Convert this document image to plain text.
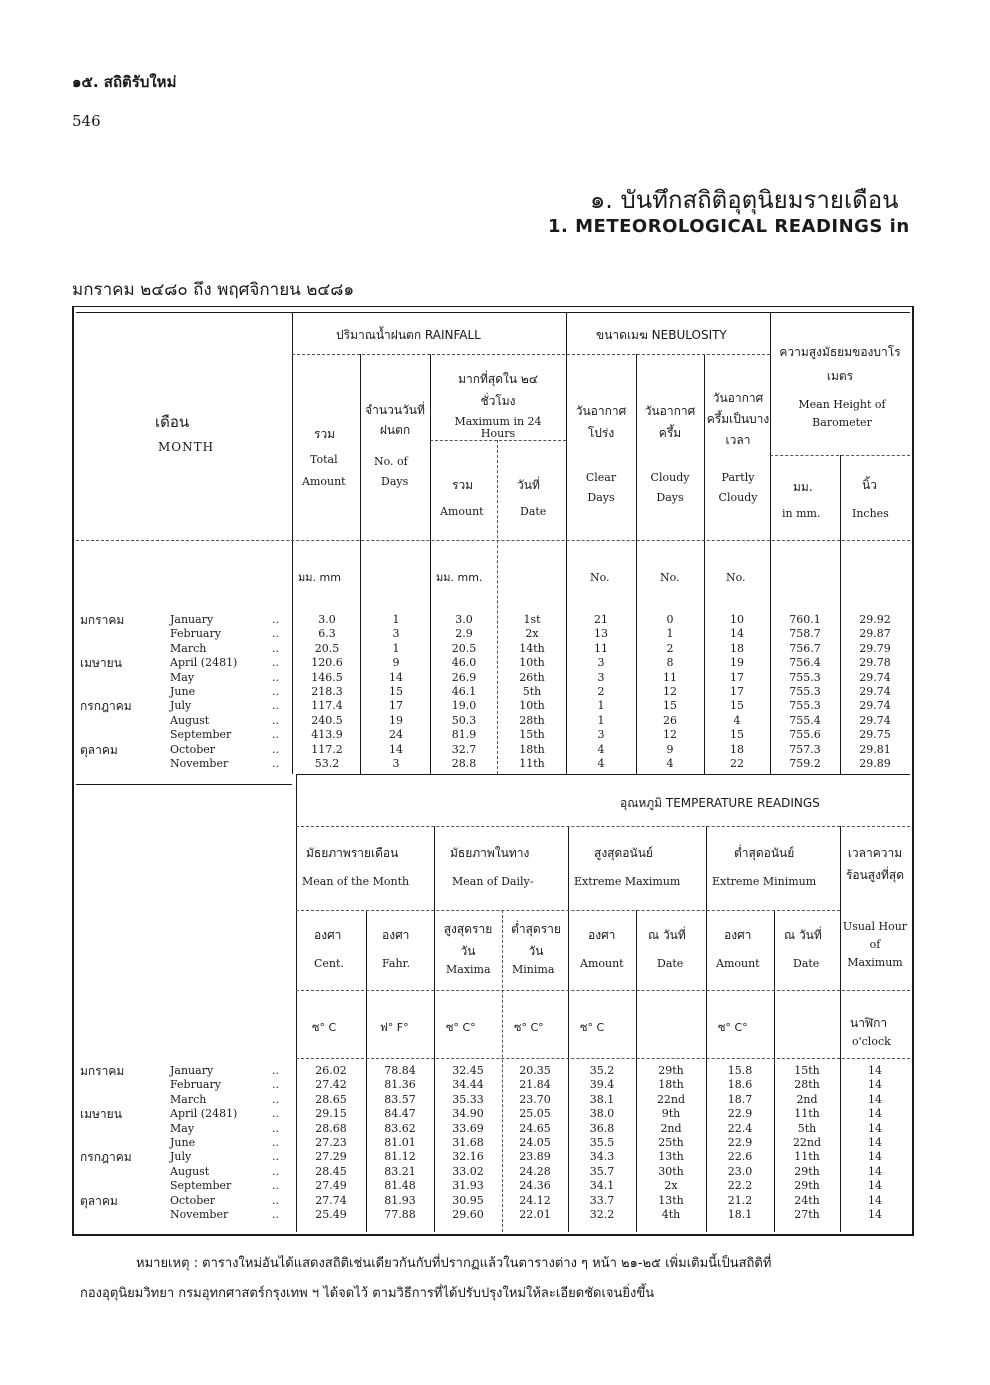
๑๕. สถิติรับใหม่
546
๑. บันทึกสถิติอุตุนิยมรายเดือน
1. METEOROLOGICAL READINGS in
มกราคม ๒๔๘๐ ถึง พฤศจิกายน ๒๔๘๑
เดือน
MONTH
ปริมาณน้ำฝนตก RAINFALL
รวม
Total
Amount
จำนวนวันที่ฝนตก
No. of
Days
มากที่สุดใน ๒๔ ชั่วโมง
Maximum in 24 Hours
รวม
Amount
วันที่
Date
มม. mm	มม. mm.
ขนาดเมฆ NEBULOSITY
วันอากาศโปร่ง
Clear Days
วันอากาศครึ้ม
Cloudy Days
วันอากาศครึ้มเป็นบางเวลา
Partly Cloudy
No.	No.	No.
ความสูงมัธยมของบาโรเมตร
Mean Height of Barometer
มม.
in mm.
นิ้ว
Inches
มกราคม	January	..	3.0	1	3.0	1st	21	0	10	760.1	29.92
February	..	6.3	3	2.9	2x	13	1	14	758.7	29.87
March	..	20.5	1	20.5	14th	11	2	18	756.7	29.79
เมษายน	April (2481)	..	120.6	9	46.0	10th	3	8	19	756.4	29.78
May	..	146.5	14	26.9	26th	3	11	17	755.3	29.74
June	..	218.3	15	46.1	5th	2	12	17	755.3	29.74
กรกฎาคม	July	..	117.4	17	19.0	10th	1	15	15	755.3	29.74
August	..	240.5	19	50.3	28th	1	26	4	755.4	29.74
September	..	413.9	24	81.9	15th	3	12	15	755.6	29.75
ตุลาคม	October	..	117.2	14	32.7	18th	4	9	18	757.3	29.81
November	..	53.2	3	28.8	11th	4	4	22	759.2	29.89
อุณหภูมิ TEMPERATURE READINGS
มัธยภาพรายเดือน
Mean of the Month
มัธยภาพในทาง
Mean of Daily-
สูงสุดอนันย์
Extreme Maximum
ต่ำสุดอนันย์
Extreme Minimum
เวลาความร้อนสูงที่สุด
Usual Hour of Maximum
องศา
Cent.
องศา
Fahr.
สูงสุดรายวัน
Maxima
ต่ำสุดรายวัน
Minima
องศา
Amount
ณ วันที่
Date
องศา
Amount
ณ วันที่
Date
ซ° C	ฟ° F°	ซ° C°	ซ° C°	ซ° C	ซ° C°	นาฬิกา
o'clock
มกราคม	January	..	26.02	78.84	32.45	20.35	35.2	29th	15.8	15th	14
February	..	27.42	81.36	34.44	21.84	39.4	18th	18.6	28th	14
March	..	28.65	83.57	35.33	23.70	38.1	22nd	18.7	2nd	14
เมษายน	April (2481)	..	29.15	84.47	34.90	25.05	38.0	9th	22.9	11th	14
May	..	28.68	83.62	33.69	24.65	36.8	2nd	22.4	5th	14
June	..	27.23	81.01	31.68	24.05	35.5	25th	22.9	22nd	14
กรกฎาคม	July	..	27.29	81.12	32.16	23.89	34.3	13th	22.6	11th	14
August	..	28.45	83.21	33.02	24.28	35.7	30th	23.0	29th	14
September	..	27.49	81.48	31.93	24.36	34.1	2x	22.2	29th	14
ตุลาคม	October	..	27.74	81.93	30.95	24.12	33.7	13th	21.2	24th	14
November	..	25.49	77.88	29.60	22.01	32.2	4th	18.1	27th	14
หมายเหตุ : ตารางใหม่อันได้แสดงสถิติเช่นเดียวกันกับที่ปรากฏแล้วในตารางต่าง ๆ หน้า ๒๑-๒๕ เพิ่มเติมนี้เป็นสถิติที่
กองอุตุนิยมวิทยา กรมอุทกศาสตร์กรุงเทพ ฯ ได้จดไว้ ตามวิธีการที่ได้ปรับปรุงใหม่ให้ละเอียดชัดเจนยิ่งขึ้น
